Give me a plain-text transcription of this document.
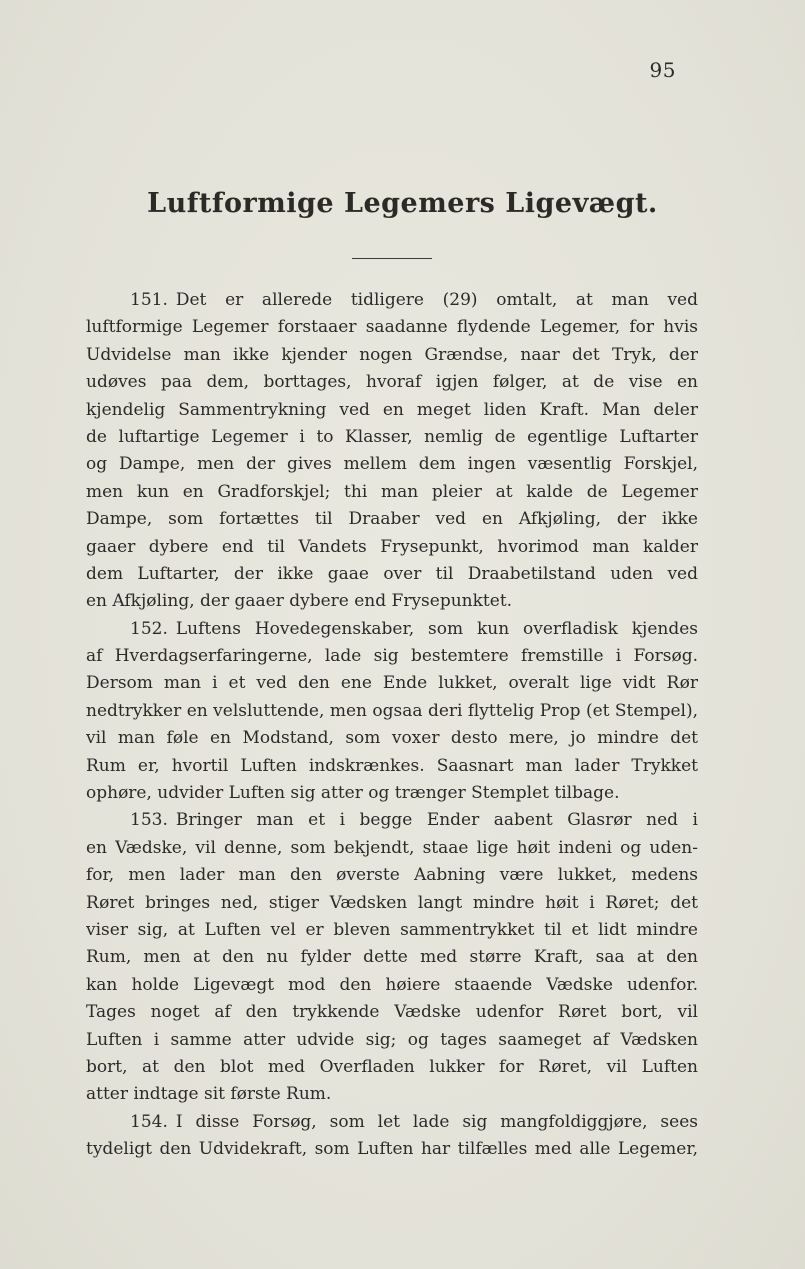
95
Luftformige Legemers Ligevægt.
151. Det er allerede tidligere (29) omtalt, at man ved
luftformige Legemer forstaaer saadanne flydende Legemer, for hvis
Udvidelse man ikke kjender nogen Grændse, naar det Tryk, der
udøves paa dem, borttages, hvoraf igjen følger, at de vise en
kjendelig Sammentrykning ved en meget liden Kraft. Man deler
de luftartige Legemer i to Klasser, nemlig de egentlige Luftarter
og Dampe, men der gives mellem dem ingen væsentlig Forskjel,
men kun en Gradforskjel; thi man pleier at kalde de Legemer
Dampe, som fortættes til Draaber ved en Afkjøling, der ikke
gaaer dybere end til Vandets Frysepunkt, hvorimod man kalder
dem Luftarter, der ikke gaae over til Draabetilstand uden ved
en Afkjøling, der gaaer dybere end Frysepunktet.
152. Luftens Hovedegenskaber, som kun overfladisk kjendes
af Hverdagserfaringerne, lade sig bestemtere fremstille i Forsøg.
Dersom man i et ved den ene Ende lukket, overalt lige vidt Rør
nedtrykker en velsluttende, men ogsaa deri flyttelig Prop (et Stempel),
vil man føle en Modstand, som voxer desto mere, jo mindre det
Rum er, hvortil Luften indskrænkes. Saasnart man lader Trykket
ophøre, udvider Luften sig atter og trænger Stemplet tilbage.
153. Bringer man et i begge Ender aabent Glasrør ned i
en Vædske, vil denne, som bekjendt, staae lige høit indeni og uden-
for, men lader man den øverste Aabning være lukket, medens
Røret bringes ned, stiger Vædsken langt mindre høit i Røret; det
viser sig, at Luften vel er bleven sammentrykket til et lidt mindre
Rum, men at den nu fylder dette med større Kraft, saa at den
kan holde Ligevægt mod den høiere staaende Vædske udenfor.
Tages noget af den trykkende Vædske udenfor Røret bort, vil
Luften i samme atter udvide sig; og tages saameget af Vædsken
bort, at den blot med Overfladen lukker for Røret, vil Luften
atter indtage sit første Rum.
154. I disse Forsøg, som let lade sig mangfoldiggjøre, sees
tydeligt den Udvidekraft, som Luften har tilfælles med alle Legemer,
